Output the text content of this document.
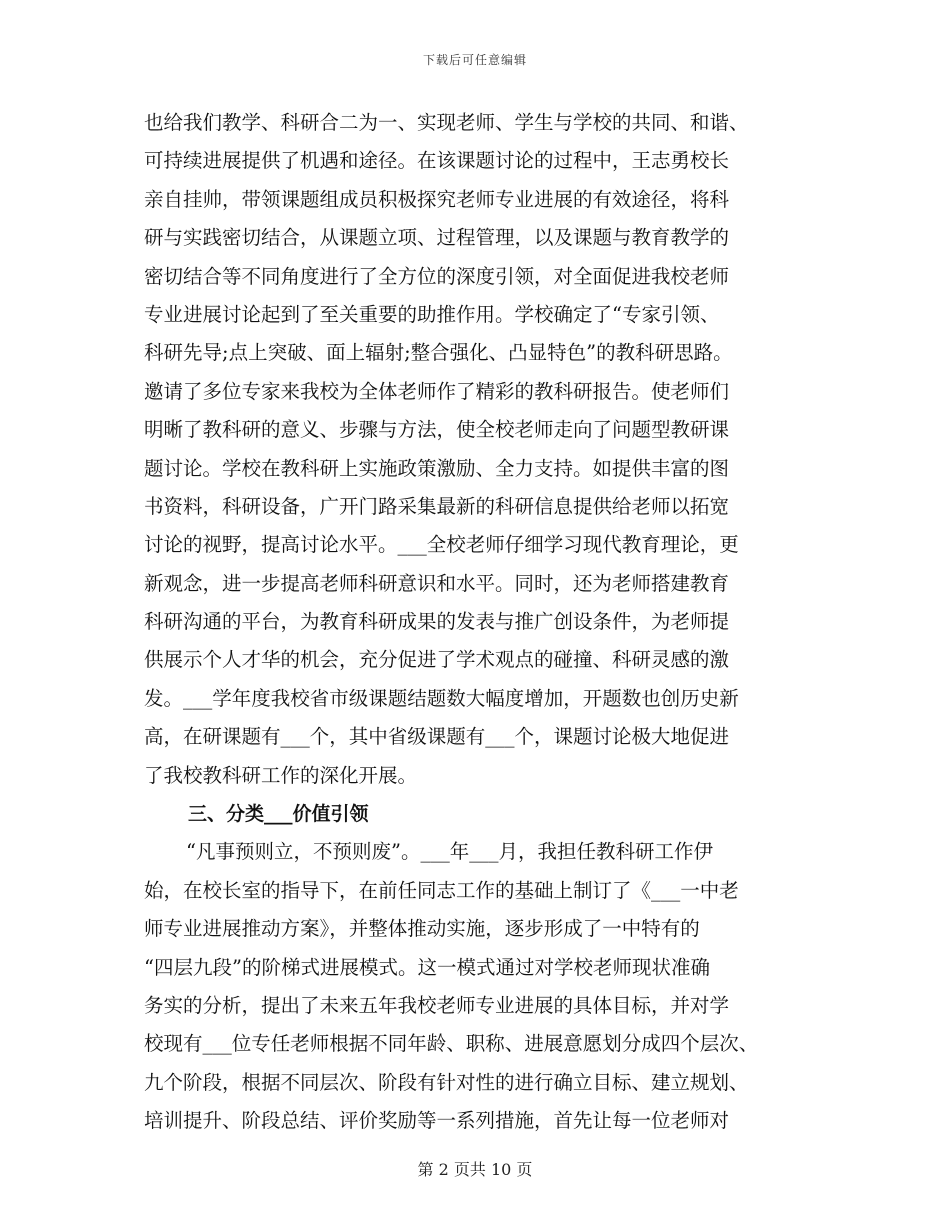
下载后可任意编辑
也给我们教学、科研合二为一、实现老师、学生与学校的共同、和谐、
可持续进展提供了机遇和途径。在该课题讨论的过程中，王志勇校长
亲自挂帅，带领课题组成员积极探究老师专业进展的有效途径，将科
研与实践密切结合，从课题立项、过程管理，以及课题与教育教学的
密切结合等不同角度进行了全方位的深度引领，对全面促进我校老师
专业进展讨论起到了至关重要的助推作用。学校确定了“专家引领、
科研先导;点上突破、面上辐射;整合强化、凸显特色”的教科研思路。
邀请了多位专家来我校为全体老师作了精彩的教科研报告。使老师们
明晰了教科研的意义、步骤与方法，使全校老师走向了问题型教研课
题讨论。学校在教科研上实施政策激励、全力支持。如提供丰富的图
书资料，科研设备，广开门路采集最新的科研信息提供给老师以拓宽
讨论的视野，提高讨论水平。___全校老师仔细学习现代教育理论，更
新观念，进一步提高老师科研意识和水平。同时，还为老师搭建教育
科研沟通的平台，为教育科研成果的发表与推广创设条件，为老师提
供展示个人才华的机会，充分促进了学术观点的碰撞、科研灵感的激
发。___学年度我校省市级课题结题数大幅度增加，开题数也创历史新
高，在研课题有___个，其中省级课题有___个，课题讨论极大地促进
了我校教科研工作的深化开展。
三、分类___价值引领
“凡事预则立，不预则废”。___年___月，我担任教科研工作伊
始，在校长室的指导下，在前任同志工作的基础上制订了《___一中老
师专业进展推动方案》，并整体推动实施，逐步形成了一中特有的
“四层九段”的阶梯式进展模式。这一模式通过对学校老师现状准确
务实的分析，提出了未来五年我校老师专业进展的具体目标，并对学
校现有___位专任老师根据不同年龄、职称、进展意愿划分成四个层次、
九个阶段，根据不同层次、阶段有针对性的进行确立目标、建立规划、
培训提升、阶段总结、评价奖励等一系列措施，首先让每一位老师对
第 2 页共 10 页
